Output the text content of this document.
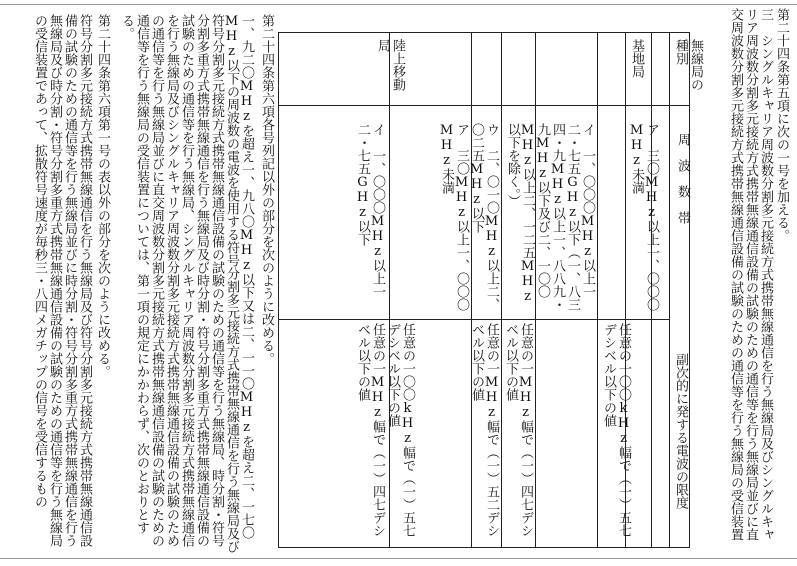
第二十四条第五項に次の一号を加える。
三　シングルキャリア周波数分割多元接続方式携帯無線通信を行う無線局及びシングルキャリア周波数分割多元接続方式携帯無線通信設備の試験のための通信等を行う無線局並びに直交周波数分割多元接続方式携帯無線通信設備の試験のための通信等を行う無線局の受信装置
無線局の種別
周　波　数　帯
副次的に発する電波の限度
基地局
陸上移動局
ア　三〇MHz以上一、〇〇〇MHz未満
任意の一〇〇kHz幅で（一）五七デシベル以下の値
イ　一、〇〇〇MHz以上一二・七五GHz以下（一、八三四・九MHz以上一、八八九・九MHz以下及び二、一〇〇MHz以上二、一二五MHz以下を除く。）
任意の一MHz幅で（一）四七デシベル以下の値
ウ　二、〇一〇MHz以上二、〇二五MHz以下
任意の一MHz幅で（一）五二デシベル以下の値
ア　三〇MHz以上一、〇〇〇MHz未満
任意の一〇〇kHz幅で（一）五七デシベル以下の値
イ　一、〇〇〇MHz以上一二・七五GHz以下
任意の一MHz幅で（一）四七デシベル以下の値
第二十四条第六項各号列記以外の部分を次のように改める。
一、九二〇MHzを超え一、九八〇MHz以下又は二、一一〇MHzを超え二、一七〇MHz以下の周波数の電波を使用する符号分割多元接続方式携帯無線通信を行う無線局及び符号分割多元接続方式携帯無線通信設備の試験のための通信等を行う無線局、時分割・符号分割多重方式携帯無線通信を行う無線局及び時分割・符号分割多重方式携帯無線通信設備の試験のための通信等を行う無線局、シングルキャリア周波数分割多元接続方式携帯無線通信を行う無線局及びシングルキャリア周波数分割多元接続方式携帯無線通信設備の試験のための通信等を行う無線局並びに直交周波数分割多元接続方式携帯無線通信設備の試験のための通信等を行う無線局の受信装置については、第一項の規定にかかわらず、次のとおりとする。
第二十四条第六項第一号の表以外の部分を次のように改める。
符号分割多元接続方式携帯無線通信を行う無線局及び符号分割多元接続方式携帯無線通信設備の試験のための通信等を行う無線局並びに時分割・符号分割多重方式携帯無線通信を行う無線局及び時分割・符号分割多重方式携帯無線通信設備の試験のための通信等を行う無線局の受信装置であって、拡散符号速度が毎秒三・八四メガチップの信号を受信するもの
